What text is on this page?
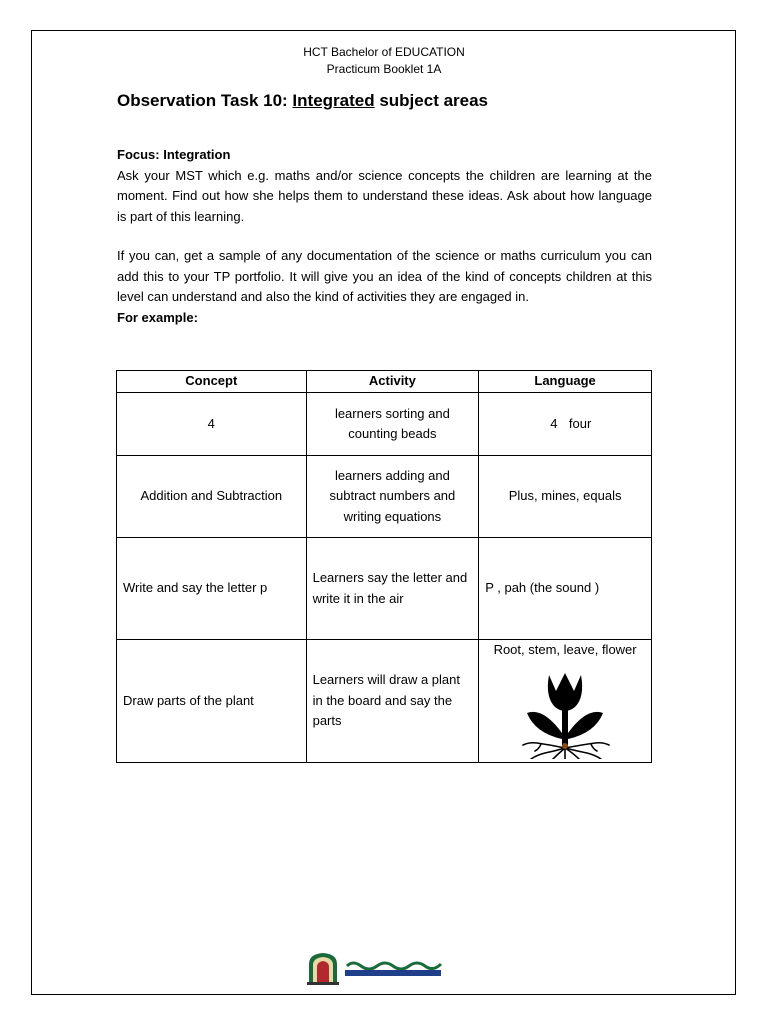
HCT Bachelor of EDUCATION
Practicum Booklet 1A
Observation Task 10: Integrated subject areas
Focus: Integration
Ask your MST which e.g. maths and/or science concepts the children are learning at the moment. Find out how she helps them to understand these ideas. Ask about how language is part of this learning.
If you can, get a sample of any documentation of the science or maths curriculum you can add this to your TP portfolio. It will give you an idea of the kind of concepts children at this level can understand and also the kind of activities they are engaged in.
For example:
Concept	Activity	Language
4	learners sorting and counting beads	4 four
Addition and Subtraction	learners adding and subtract numbers and writing equations	Plus, mines, equals
Write and say the letter p	Learners say the letter and write it in the air	P , pah (the sound )
Draw parts of the plant	Learners will draw a plant in the board and say the parts	Root, stem, leave, flower
